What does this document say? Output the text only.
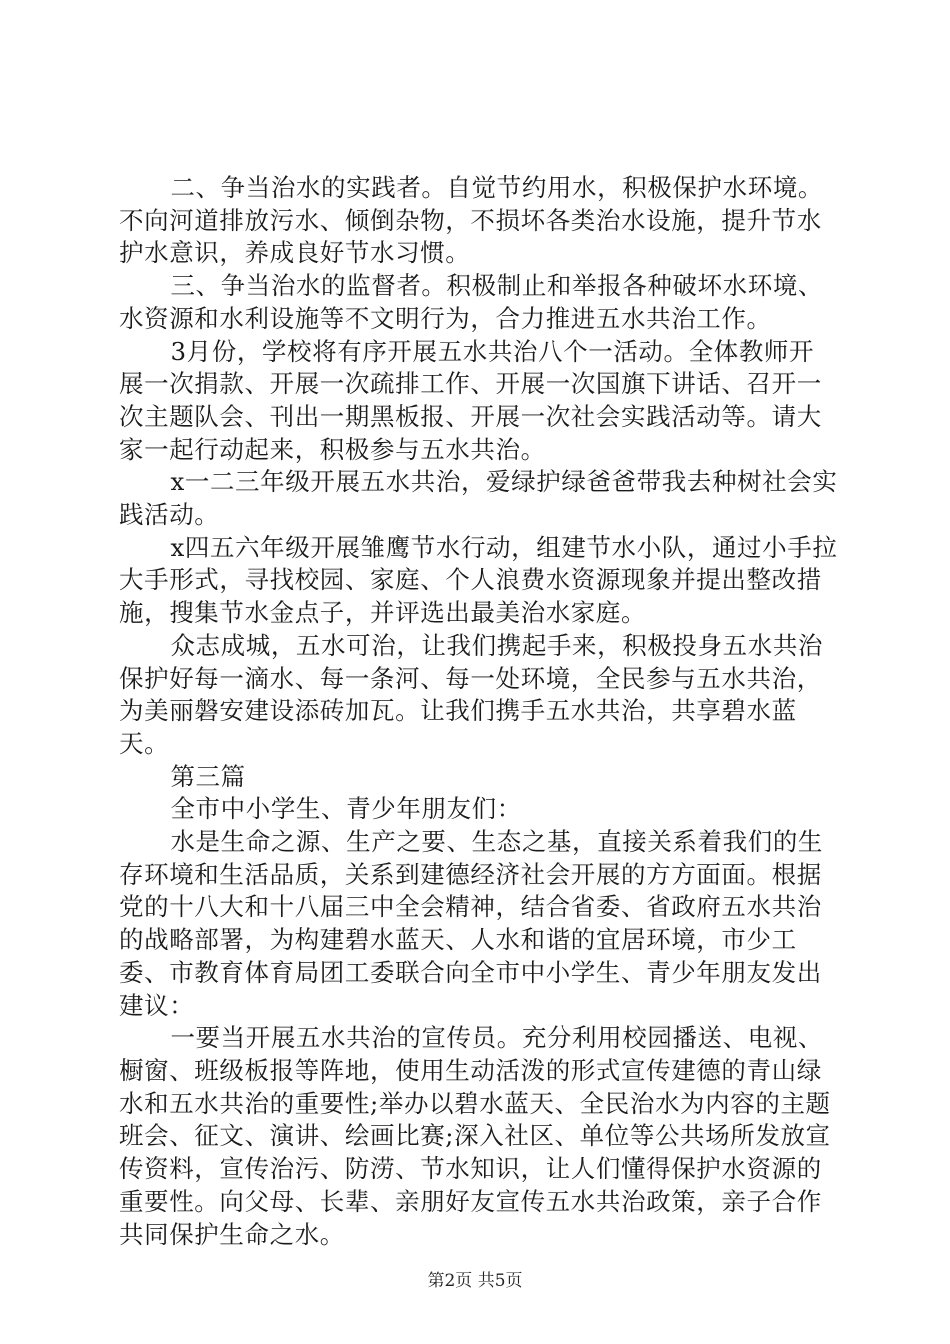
二、争当治水的实践者。自觉节约用水，积极保护水环境。不向河道排放污水、倾倒杂物，不损坏各类治水设施，提升节水护水意识，养成良好节水习惯。

三、争当治水的监督者。积极制止和举报各种破坏水环境、水资源和水利设施等不文明行为，合力推进五水共治工作。

3月份，学校将有序开展五水共治八个一活动。全体教师开展一次捐款、开展一次疏排工作、开展一次国旗下讲话、召开一次主题队会、刊出一期黑板报、开展一次社会实践活动等。请大家一起行动起来，积极参与五水共治。

x一二三年级开展五水共治，爱绿护绿爸爸带我去种树社会实践活动。

x四五六年级开展雏鹰节水行动，组建节水小队，通过小手拉大手形式，寻找校园、家庭、个人浪费水资源现象并提出整改措施，搜集节水金点子，并评选出最美治水家庭。

众志成城，五水可治，让我们携起手来，积极投身五水共治保护好每一滴水、每一条河、每一处环境，全民参与五水共治，为美丽磐安建设添砖加瓦。让我们携手五水共治，共享碧水蓝天。

第三篇

全市中小学生、青少年朋友们：

水是生命之源、生产之要、生态之基，直接关系着我们的生存环境和生活品质，关系到建德经济社会开展的方方面面。根据党的十八大和十八届三中全会精神，结合省委、省政府五水共治的战略部署，为构建碧水蓝天、人水和谐的宜居环境，市少工委、市教育体育局团工委联合向全市中小学生、青少年朋友发出建议：

一要当开展五水共治的宣传员。充分利用校园播送、电视、橱窗、班级板报等阵地，使用生动活泼的形式宣传建德的青山绿水和五水共治的重要性;举办以碧水蓝天、全民治水为内容的主题班会、征文、演讲、绘画比赛;深入社区、单位等公共场所发放宣传资料，宣传治污、防涝、节水知识，让人们懂得保护水资源的重要性。向父母、长辈、亲朋好友宣传五水共治政策，亲子合作共同保护生命之水。

第2页 共5页
